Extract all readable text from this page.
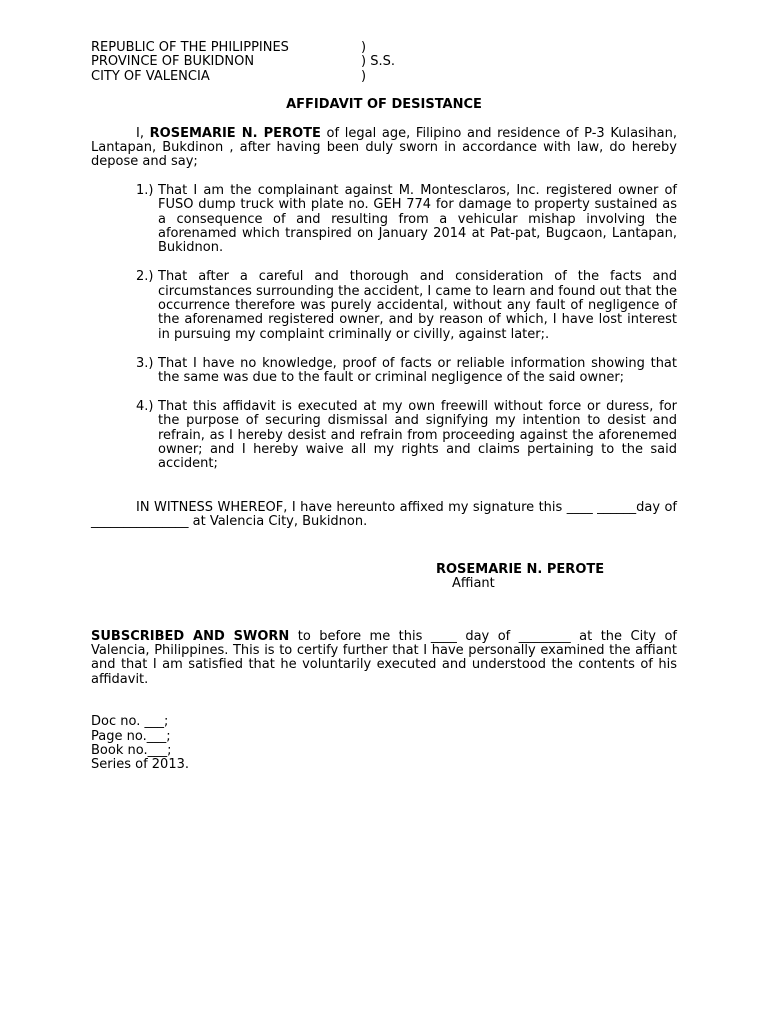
REPUBLIC OF THE PHILIPPINES	)
PROVINCE OF BUKIDNON	) S.S.
CITY OF VALENCIA	)
AFFIDAVIT OF DESISTANCE
I, ROSEMARIE N. PEROTE of legal age, Filipino and residence of P-3 Kulasihan, Lantapan, Bukdinon , after having been duly sworn in accordance with law, do hereby depose and say;
1.) That I am the complainant against M. Montesclaros, Inc. registered owner of FUSO dump truck with plate no. GEH 774 for damage to property sustained as a consequence of and resulting from a vehicular mishap involving the aforenamed which transpired on January 2014 at Pat-pat, Bugcaon, Lantapan, Bukidnon.
2.) That after a careful and thorough and consideration of the facts and circumstances surrounding the accident, I came to learn and found out that the occurrence therefore was purely accidental, without any fault of negligence of the aforenamed registered owner, and by reason of which, I have lost interest in pursuing my complaint criminally or civilly, against later;.
3.) That I have no knowledge, proof of facts or reliable information showing that the same was due to the fault or criminal negligence of the said owner;
4.) That this affidavit is executed at my own freewill without force or duress, for the purpose of securing dismissal and signifying my intention to desist and refrain, as I hereby desist and refrain from proceeding against the aforenemed owner; and I hereby waive all my rights and claims pertaining to the said accident;
IN WITNESS WHEREOF, I have hereunto affixed my signature this ____ ______day of _______________ at Valencia City, Bukidnon.
ROSEMARIE N. PEROTE
Affiant
SUBSCRIBED AND SWORN to before me this ____ day of ________ at the City of Valencia, Philippines. This is to certify further that I have personally examined the affiant and that I am satisfied that he voluntarily executed and understood the contents of his affidavit.
Doc no. ___;
Page no.___;
Book no.___;
Series of 2013.
